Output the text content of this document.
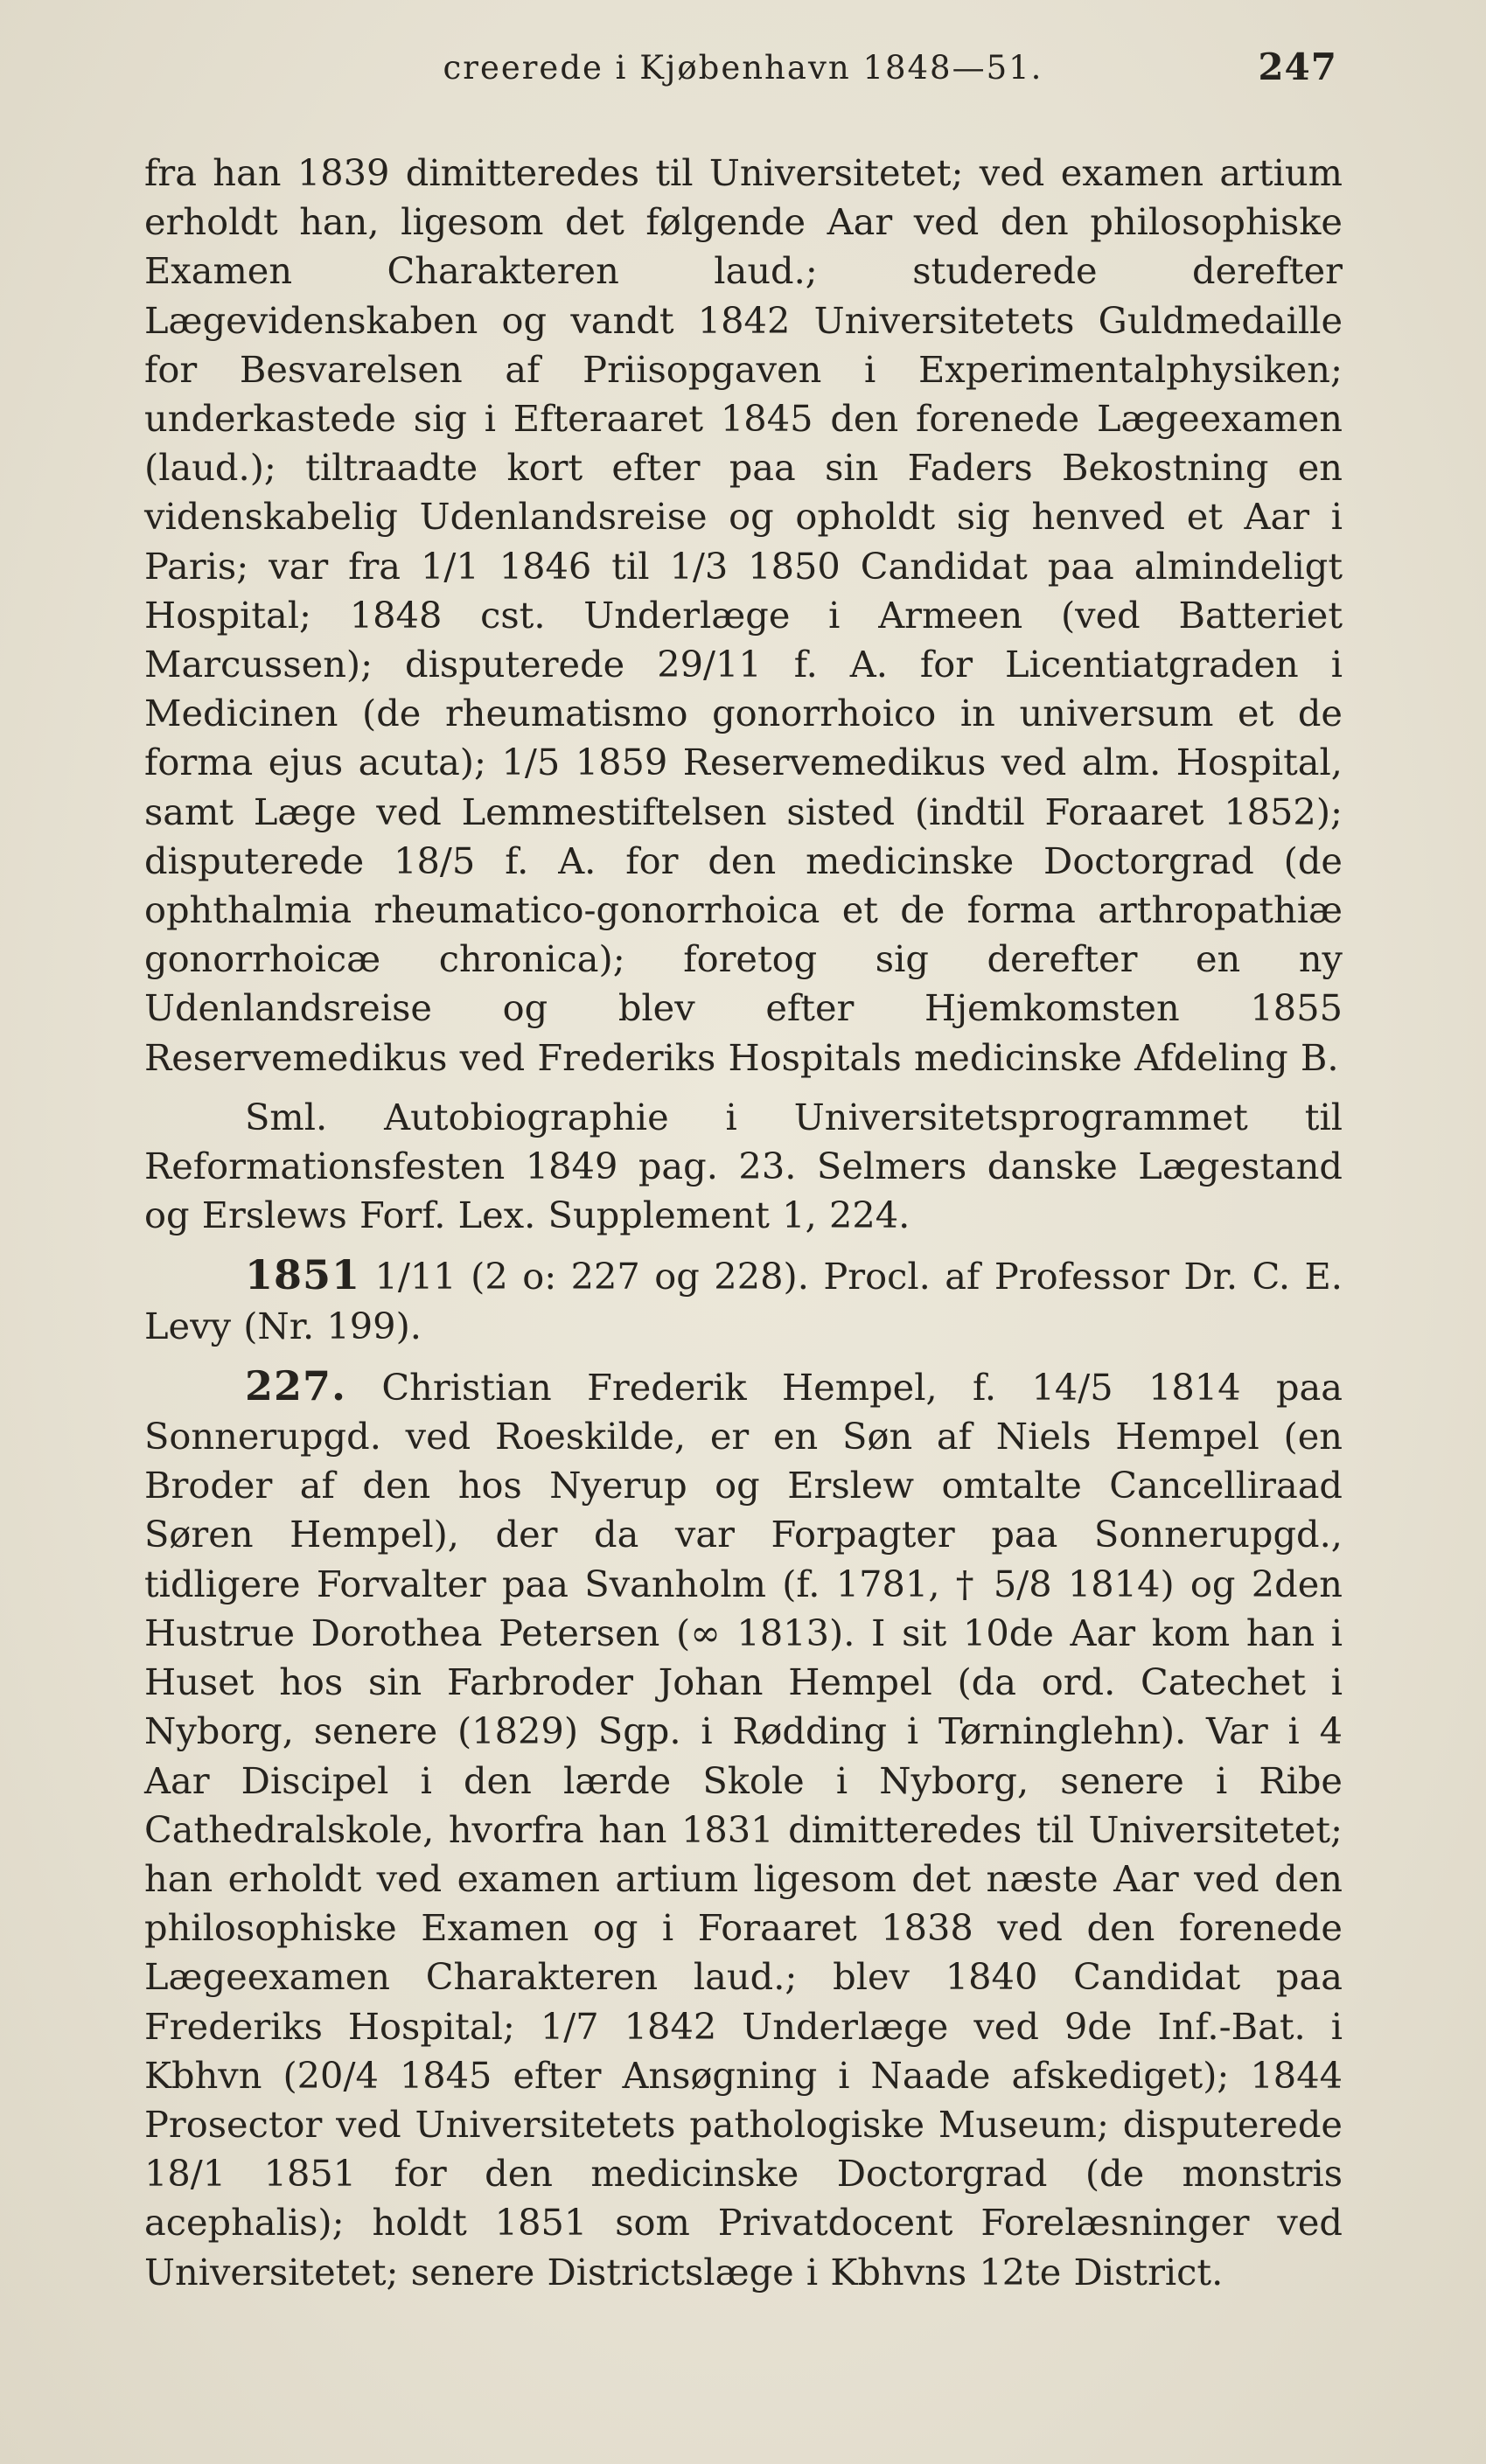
creerede i Kjøbenhavn 1848—51.	247

fra han 1839 dimitteredes til Universitetet; ved examen artium erholdt han, ligesom det følgende Aar ved den philosophiske Examen Charakteren laud.; studerede derefter Lægevidenskaben og vandt 1842 Universitetets Guldmedaille for Besvarelsen af Priisopgaven i Experimentalphysiken; underkastede sig i Efteraaret 1845 den forenede Lægeexamen (laud.); tiltraadte kort efter paa sin Faders Bekostning en videnskabelig Udenlandsreise og opholdt sig henved et Aar i Paris; var fra 1/1 1846 til 1/3 1850 Candidat paa almindeligt Hospital; 1848 cst. Underlæge i Armeen (ved Batteriet Marcussen); disputerede 29/11 f. A. for Licentiatgraden i Medicinen (de rheumatismo gonorrhoico in universum et de forma ejus acuta); 1/5 1859 Reservemedikus ved alm. Hospital, samt Læge ved Lemmestiftelsen sisted (indtil Foraaret 1852); disputerede 18/5 f. A. for den medicinske Doctorgrad (de ophthalmia rheumatico-gonorrhoica et de forma arthropathiæ gonorrhoicæ chronica); foretog sig derefter en ny Udenlandsreise og blev efter Hjemkomsten 1855 Reservemedikus ved Frederiks Hospitals medicinske Afdeling B.

Sml. Autobiographie i Universitetsprogrammet til Reformationsfesten 1849 pag. 23. Selmers danske Lægestand og Erslews Forf. Lex. Supplement 1, 224.

1851 1/11 (2 o: 227 og 228). Procl. af Professor Dr. C. E. Levy (Nr. 199).

227. Christian Frederik Hempel, f. 14/5 1814 paa Sonnerupgd. ved Roeskilde, er en Søn af Niels Hempel (en Broder af den hos Nyerup og Erslew omtalte Cancelliraad Søren Hempel), der da var Forpagter paa Sonnerupgd., tidligere Forvalter paa Svanholm (f. 1781, † 5/8 1814) og 2den Hustrue Dorothea Petersen (∞ 1813). I sit 10de Aar kom han i Huset hos sin Farbroder Johan Hempel (da ord. Catechet i Nyborg, senere (1829) Sgp. i Rødding i Tørninglehn). Var i 4 Aar Discipel i den lærde Skole i Nyborg, senere i Ribe Cathedralskole, hvorfra han 1831 dimitteredes til Universitetet; han erholdt ved examen artium ligesom det næste Aar ved den philosophiske Examen og i Foraaret 1838 ved den forenede Lægeexamen Charakteren laud.; blev 1840 Candidat paa Frederiks Hospital; 1/7 1842 Underlæge ved 9de Inf.-Bat. i Kbhvn (20/4 1845 efter Ansøgning i Naade afskediget); 1844 Prosector ved Universitetets pathologiske Museum; disputerede 18/1 1851 for den medicinske Doctorgrad (de monstris acephalis); holdt 1851 som Privatdocent Forelæsninger ved Universitetet; senere Districtslæge i Kbhvns 12te District.
